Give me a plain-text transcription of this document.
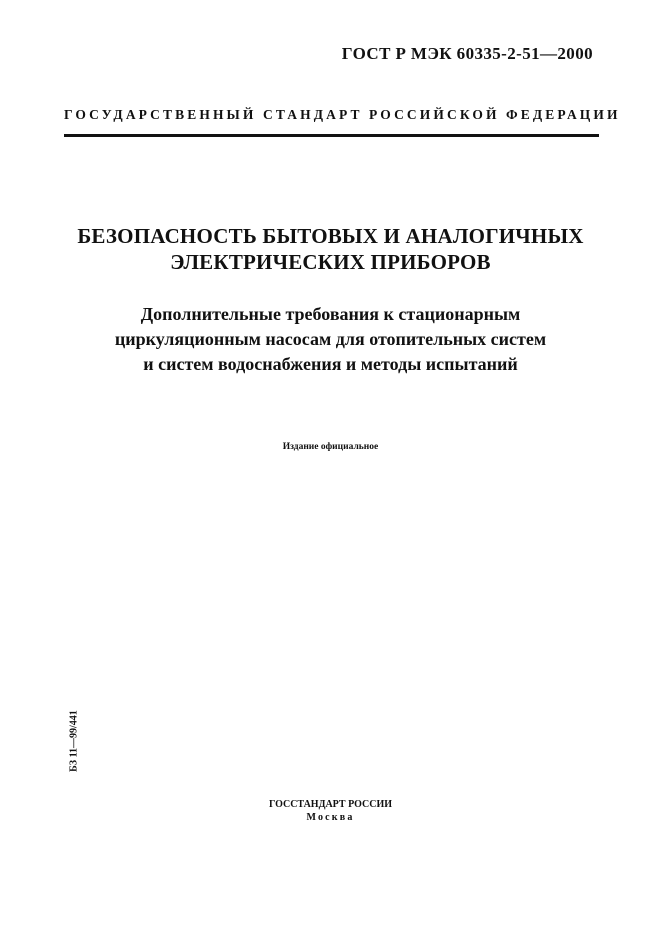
ГОСТ Р МЭК 60335-2-51—2000
ГОСУДАРСТВЕННЫЙ СТАНДАРТ РОССИЙСКОЙ ФЕДЕРАЦИИ
БЕЗОПАСНОСТЬ БЫТОВЫХ И АНАЛОГИЧНЫХ
ЭЛЕКТРИЧЕСКИХ ПРИБОРОВ
Дополнительные требования к стационарным
циркуляционным насосам для отопительных систем
и систем водоснабжения и методы испытаний
Издание официальное
БЗ 11—99/441
ГОССТАНДАРТ РОССИИ
Москва
